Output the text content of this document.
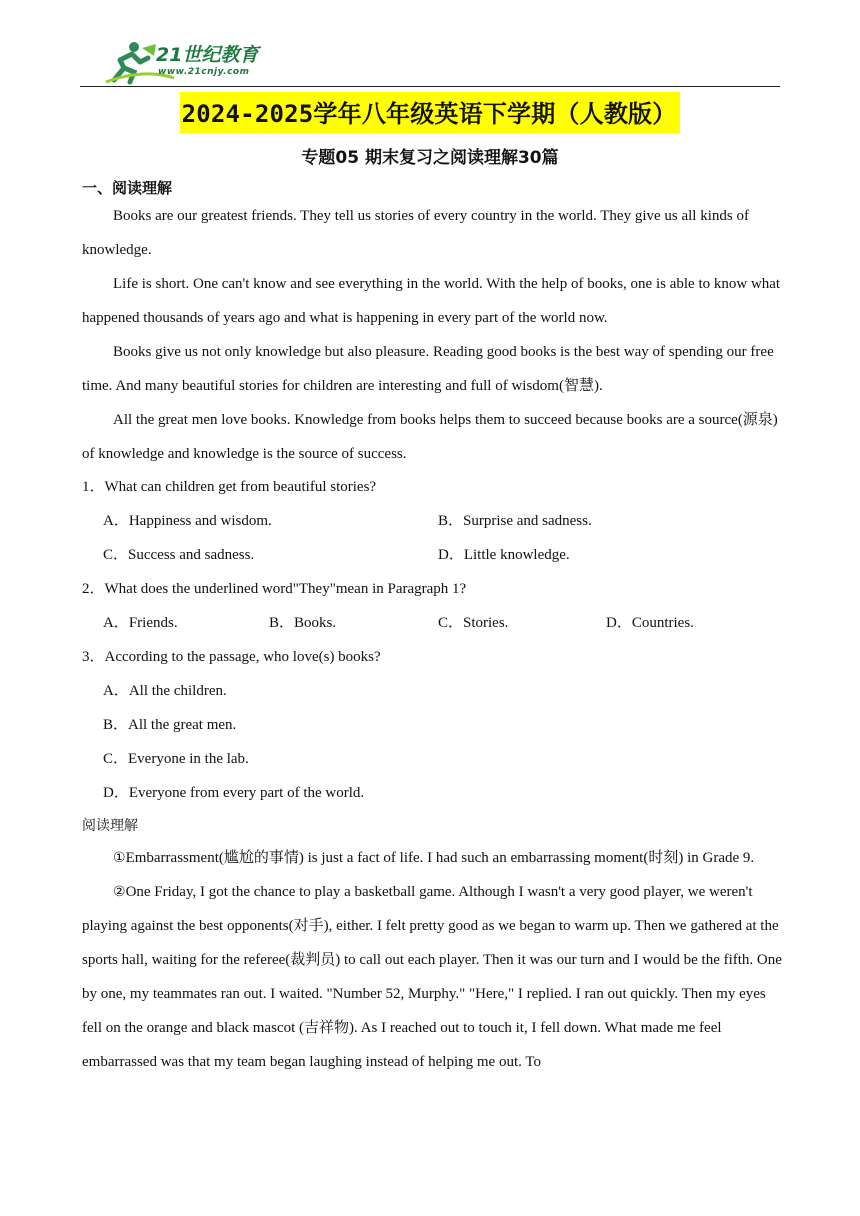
21世纪教育
www.21cnjy.com
2024-2025学年八年级英语下学期（人教版）
专题05 期末复习之阅读理解30篇
一、阅读理解

Books are our greatest friends. They tell us stories of every country in the world. They give us all kinds of knowledge.

Life is short. One can't know and see everything in the world. With the help of books, one is able to know what happened thousands of years ago and what is happening in every part of the world now.

Books give us not only knowledge but also pleasure. Reading good books is the best way of spending our free time. And many beautiful stories for children are interesting and full of wisdom(智慧).

All the great men love books. Knowledge from books helps them to succeed because books are a source(源泉) of knowledge and knowledge is the source of success.

1．What can children get from beautiful stories?
A．Happiness and wisdom.	B．Surprise and sadness.
C．Success and sadness.	D．Little knowledge.
2．What does the underlined word"They"mean in Paragraph 1?
A．Friends.	B．Books.	C．Stories.	D．Countries.
3．According to the passage, who love(s) books?
A．All the children.
B．All the great men.
C．Everyone in the lab.
D．Everyone from every part of the world.
阅读理解

①Embarrassment(尴尬的事情) is just a fact of life. I had such an embarrassing moment(时刻) in Grade 9.

②One Friday, I got the chance to play a basketball game. Although I wasn't a very good player, we weren't playing against the best opponents(对手), either. I felt pretty good as we began to warm up. Then we gathered at the sports hall, waiting for the referee(裁判员) to call out each player. Then it was our turn and I would be the fifth. One by one, my teammates ran out. I waited. "Number 52, Murphy." "Here," I replied. I ran out quickly. Then my eyes fell on the orange and black mascot (吉祥物). As I reached out to touch it, I fell down. What made me feel embarrassed was that my team began laughing instead of helping me out. To
